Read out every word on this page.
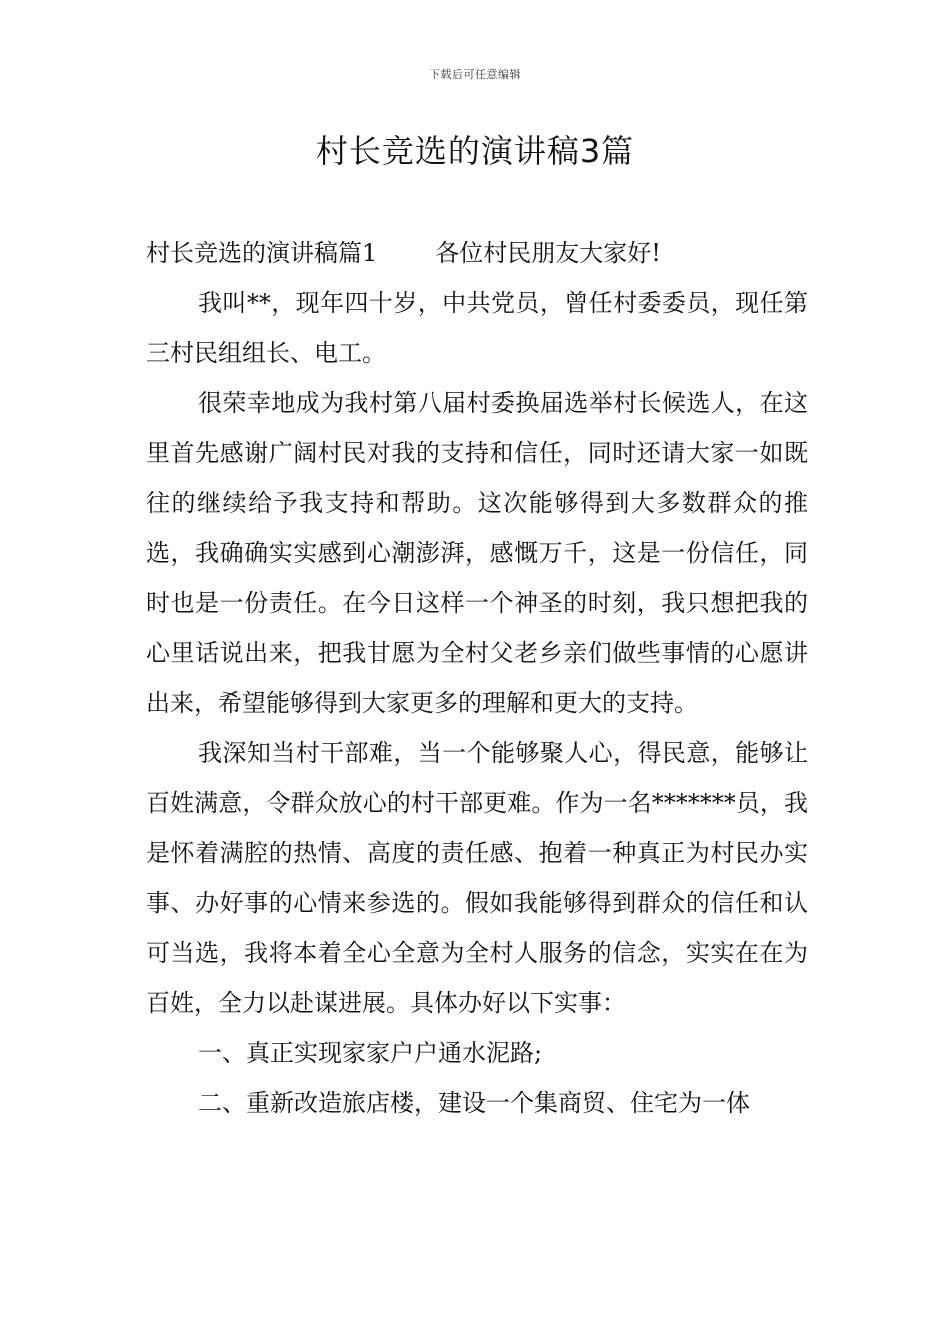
下载后可任意编辑
村长竞选的演讲稿3篇

村长竞选的演讲稿篇1 各位村民朋友大家好!

我叫**，现年四十岁，中共党员，曾任村委委员，现任第三村民组组长、电工。

很荣幸地成为我村第八届村委换届选举村长候选人，在这里首先感谢广阔村民对我的支持和信任，同时还请大家一如既往的继续给予我支持和帮助。这次能够得到大多数群众的推选，我确确实实感到心潮澎湃，感慨万千，这是一份信任，同时也是一份责任。在今日这样一个神圣的时刻，我只想把我的心里话说出来，把我甘愿为全村父老乡亲们做些事情的心愿讲出来，希望能够得到大家更多的理解和更大的支持。

我深知当村干部难，当一个能够聚人心，得民意，能够让百姓满意，令群众放心的村干部更难。作为一名*******员，我是怀着满腔的热情、高度的责任感、抱着一种真正为村民办实事、办好事的心情来参选的。假如我能够得到群众的信任和认可当选，我将本着全心全意为全村人服务的信念，实实在在为百姓，全力以赴谋进展。具体办好以下实事：

一、真正实现家家户户通水泥路;

二、重新改造旅店楼，建设一个集商贸、住宅为一体
